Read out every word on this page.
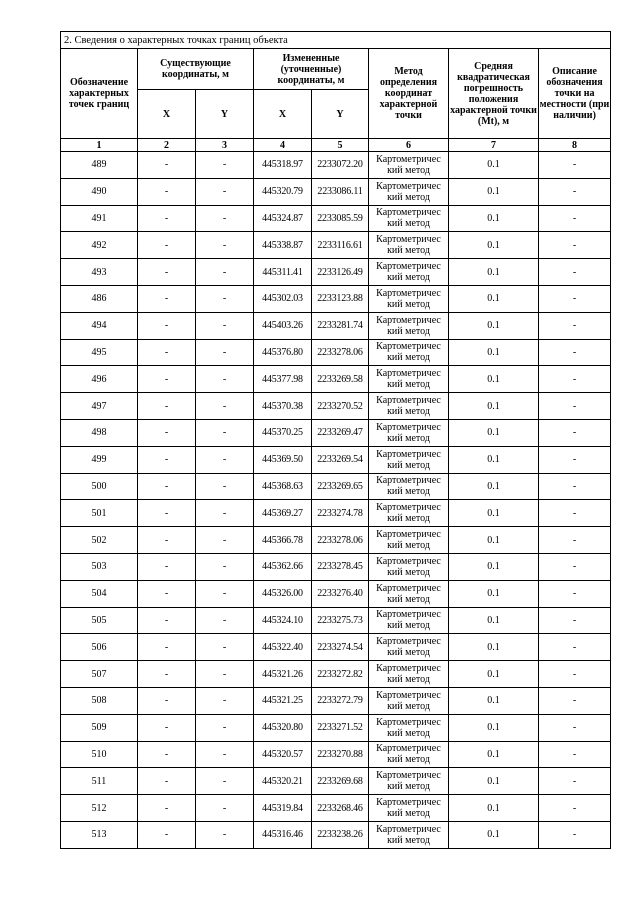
2. Сведения о характерных точках границ объекта							
Обозначение характерных точек границ	Существующие координаты, м		Измененные (уточненные) координаты, м		Метод определения координат характерной точки	Средняя квадратическая погрешность положения характерной точки (Mt), м	Описание обозначения точки на местности (при наличии)
	X	Y	X	Y			
1	2	3	4	5	6	7	8
489	-	-	445318.97	2233072.20	Картометричес кий метод	0.1	-
490	-	-	445320.79	2233086.11	Картометричес кий метод	0.1	-
491	-	-	445324.87	2233085.59	Картометричес кий метод	0.1	-
492	-	-	445338.87	2233116.61	Картометричес кий метод	0.1	-
493	-	-	445311.41	2233126.49	Картометричес кий метод	0.1	-
486	-	-	445302.03	2233123.88	Картометричес кий метод	0.1	-
494	-	-	445403.26	2233281.74	Картометричес кий метод	0.1	-
495	-	-	445376.80	2233278.06	Картометричес кий метод	0.1	-
496	-	-	445377.98	2233269.58	Картометричес кий метод	0.1	-
497	-	-	445370.38	2233270.52	Картометричес кий метод	0.1	-
498	-	-	445370.25	2233269.47	Картометричес кий метод	0.1	-
499	-	-	445369.50	2233269.54	Картометричес кий метод	0.1	-
500	-	-	445368.63	2233269.65	Картометричес кий метод	0.1	-
501	-	-	445369.27	2233274.78	Картометричес кий метод	0.1	-
502	-	-	445366.78	2233278.06	Картометричес кий метод	0.1	-
503	-	-	445362.66	2233278.45	Картометричес кий метод	0.1	-
504	-	-	445326.00	2233276.40	Картометричес кий метод	0.1	-
505	-	-	445324.10	2233275.73	Картометричес кий метод	0.1	-
506	-	-	445322.40	2233274.54	Картометричес кий метод	0.1	-
507	-	-	445321.26	2233272.82	Картометричес кий метод	0.1	-
508	-	-	445321.25	2233272.79	Картометричес кий метод	0.1	-
509	-	-	445320.80	2233271.52	Картометричес кий метод	0.1	-
510	-	-	445320.57	2233270.88	Картометричес кий метод	0.1	-
511	-	-	445320.21	2233269.68	Картометричес кий метод	0.1	-
512	-	-	445319.84	2233268.46	Картометричес кий метод	0.1	-
513	-	-	445316.46	2233238.26	Картометричес кий метод	0.1	-
